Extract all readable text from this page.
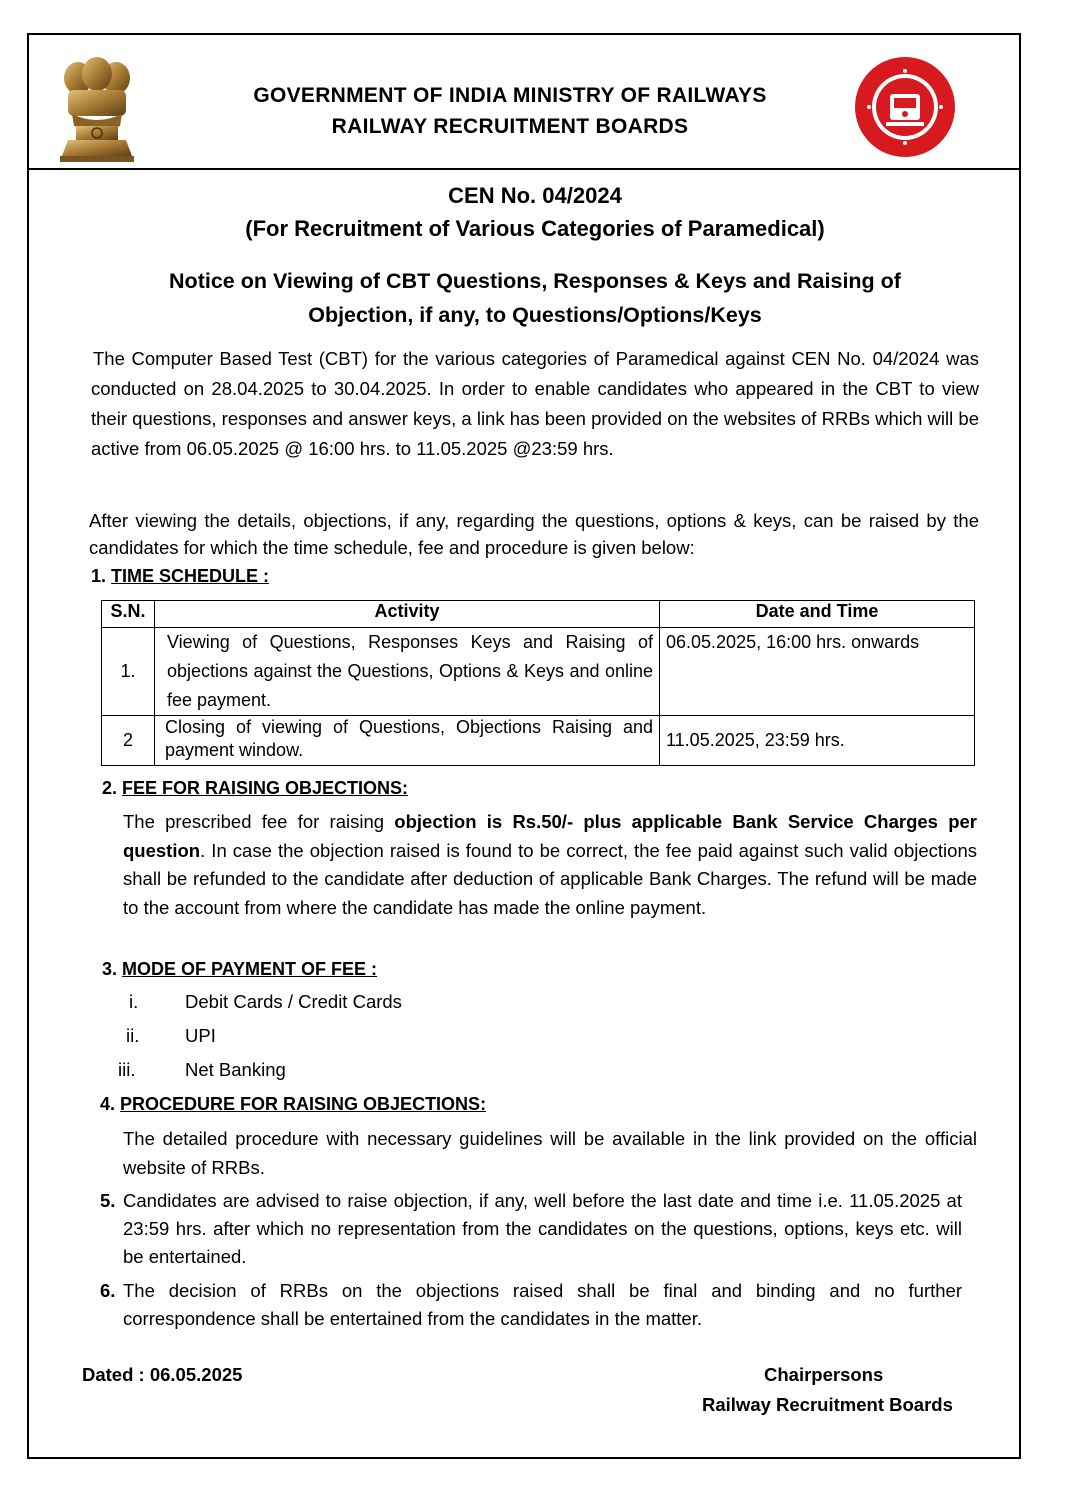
GOVERNMENT OF INDIA MINISTRY OF RAILWAYS
RAILWAY RECRUITMENT BOARDS
CEN No. 04/2024
(For Recruitment of Various Categories of Paramedical)
Notice on Viewing of CBT Questions, Responses & Keys and Raising of
Objection, if any, to Questions/Options/Keys
The Computer Based Test (CBT) for the various categories of Paramedical against CEN No. 04/2024 was conducted on 28.04.2025 to 30.04.2025. In order to enable candidates who appeared in the CBT to view their questions, responses and answer keys, a link has been provided on the websites of RRBs which will be active from 06.05.2025 @ 16:00 hrs. to 11.05.2025 @23:59 hrs.
After viewing the details, objections, if any, regarding the questions, options & keys, can be raised by the candidates for which the time schedule, fee and procedure is given below:
1. TIME SCHEDULE :
S.N.	Activity	Date and Time
1.	Viewing of Questions, Responses Keys and Raising of objections against the Questions, Options & Keys and online fee payment.	06.05.2025, 16:00 hrs. onwards
2	Closing of viewing of Questions, Objections Raising and payment window.	11.05.2025, 23:59 hrs.
2. FEE FOR RAISING OBJECTIONS:
The prescribed fee for raising objection is Rs.50/- plus applicable Bank Service Charges per question. In case the objection raised is found to be correct, the fee paid against such valid objections shall be refunded to the candidate after deduction of applicable Bank Charges. The refund will be made to the account from where the candidate has made the online payment.
3. MODE OF PAYMENT OF FEE :
i.	Debit Cards / Credit Cards
ii. UPI
iii.	Net Banking
4. PROCEDURE FOR RAISING OBJECTIONS:
The detailed procedure with necessary guidelines will be available in the link provided on the official website of RRBs.
5. Candidates are advised to raise objection, if any, well before the last date and time i.e. 11.05.2025 at 23:59 hrs. after which no representation from the candidates on the questions, options, keys etc. will be entertained.
6. The decision of RRBs on the objections raised shall be final and binding and no further correspondence shall be entertained from the candidates in the matter.
Dated : 06.05.2025	Chairpersons
Railway Recruitment Boards
